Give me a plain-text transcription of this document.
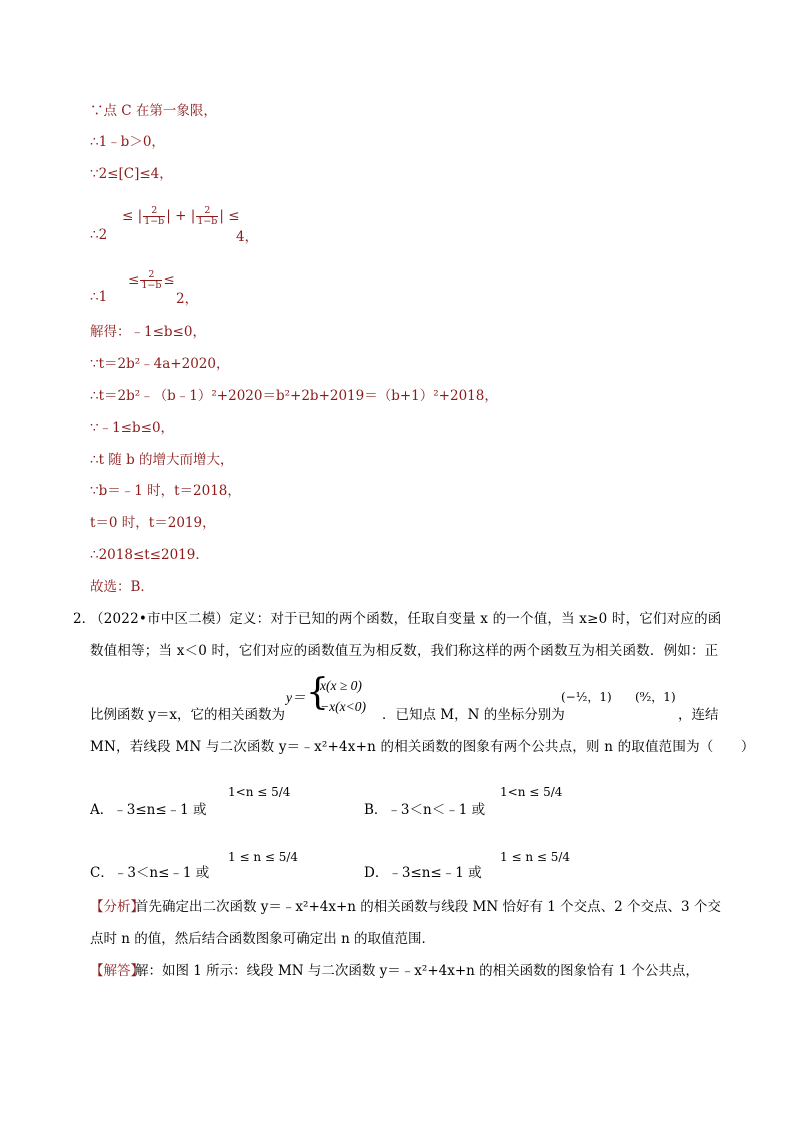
∵点 C 在第一象限，
∴1﹣b＞0，
∵2≤[C]≤4，
∴2
≤ | $\frac{2}{1-b}$ | + | $\frac{2}{1-b}$ | ≤
4，
∴1
≤ $\frac{2}{1-b}$ ≤
2，
解得：﹣1≤b≤0，
∵t＝2b²﹣4a+2020，
∴t＝2b²﹣（b﹣1）²+2020＝b²+2b+2019＝（b+1）²+2018，
∵﹣1≤b≤0，
∴t 随 b 的增大而增大，
∵b＝﹣1 时，t＝2018，
t＝0 时，t＝2019，
∴2018≤t≤2019．
故选：B．
2．
（2022•市中区二模）定义：对于已知的两个函数，任取自变量 x 的一个值，当 x≥0 时，它们对应的函
数值相等；当 x＜0 时，它们对应的函数值互为相反数，我们称这样的两个函数互为相关函数．例如：正
比例函数 y＝x，它的相关函数为
y＝ {
x(x ≥ 0)
−x(x<0)
．已知点 M，N 的坐标分别为
(−½，1) (⁹⁄₂，1)
，连结
MN，若线段 MN 与二次函数 y＝﹣x²+4x+n 的相关函数的图象有两个公共点，则 n 的取值范围为（　　）
A．﹣3≤n≤﹣1 或
1<n ≤ 5/4
B．﹣3＜n＜﹣1 或
1<n ≤ 5/4
C．﹣3＜n≤﹣1 或
1 ≤ n ≤ 5/4
D．﹣3≤n≤﹣1 或
1 ≤ n ≤ 5/4
【分析】
首先确定出二次函数 y＝﹣x²+4x+n 的相关函数与线段 MN 恰好有 1 个交点、2 个交点、3 个交
点时 n 的值，然后结合函数图象可确定出 n 的取值范围．
【解答】
解：如图 1 所示：线段 MN 与二次函数 y＝﹣x²+4x+n 的相关函数的图象恰有 1 个公共点，
